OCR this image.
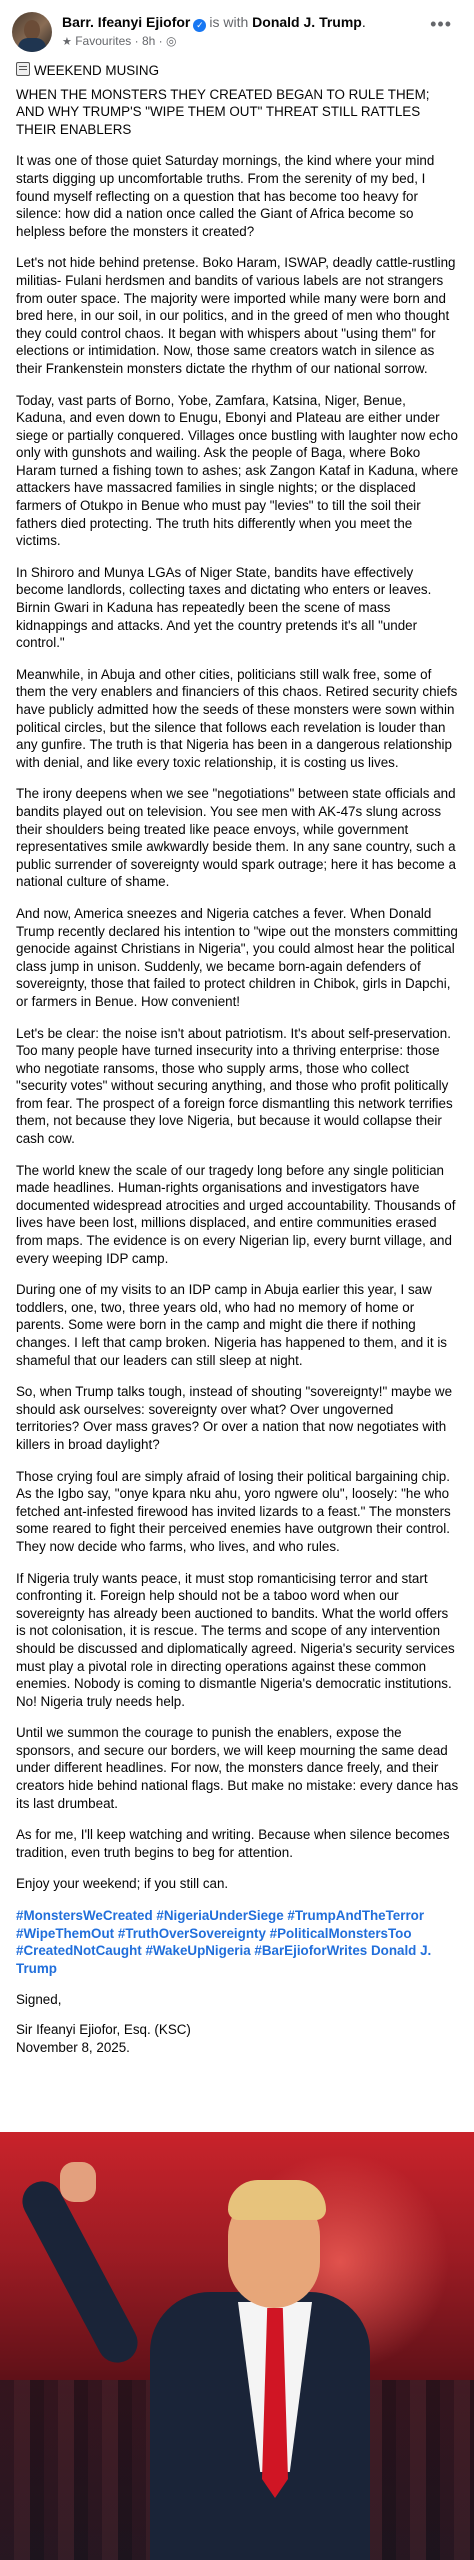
Barr. Ifeanyi Ejiofor ✓ is with Donald J. Trump.
★ Favourites · 8h · ◎
•••
WEEKEND MUSING

WHEN THE MONSTERS THEY CREATED BEGAN TO RULE THEM; AND WHY TRUMP'S "WIPE THEM OUT" THREAT STILL RATTLES THEIR ENABLERS

It was one of those quiet Saturday mornings, the kind where your mind starts digging up uncomfortable truths. From the serenity of my bed, I found myself reflecting on a question that has become too heavy for silence: how did a nation once called the Giant of Africa become so helpless before the monsters it created?

Let's not hide behind pretense. Boko Haram, ISWAP, deadly cattle-rustling militias- Fulani herdsmen and bandits of various labels are not strangers from outer space. The majority were imported while many were born and bred here, in our soil, in our politics, and in the greed of men who thought they could control chaos. It began with whispers about "using them" for elections or intimidation. Now, those same creators watch in silence as their Frankenstein monsters dictate the rhythm of our national sorrow.

Today, vast parts of Borno, Yobe, Zamfara, Katsina, Niger, Benue, Kaduna, and even down to Enugu, Ebonyi and Plateau are either under siege or partially conquered. Villages once bustling with laughter now echo only with gunshots and wailing. Ask the people of Baga, where Boko Haram turned a fishing town to ashes; ask Zangon Kataf in Kaduna, where attackers have massacred families in single nights; or the displaced farmers of Otukpo in Benue who must pay "levies" to till the soil their fathers died protecting. The truth hits differently when you meet the victims.

In Shiroro and Munya LGAs of Niger State, bandits have effectively become landlords, collecting taxes and dictating who enters or leaves. Birnin Gwari in Kaduna has repeatedly been the scene of mass kidnappings and attacks. And yet the country pretends it's all "under control."

Meanwhile, in Abuja and other cities, politicians still walk free, some of them the very enablers and financiers of this chaos. Retired security chiefs have publicly admitted how the seeds of these monsters were sown within political circles, but the silence that follows each revelation is louder than any gunfire. The truth is that Nigeria has been in a dangerous relationship with denial, and like every toxic relationship, it is costing us lives.

The irony deepens when we see "negotiations" between state officials and bandits played out on television. You see men with AK-47s slung across their shoulders being treated like peace envoys, while government representatives smile awkwardly beside them. In any sane country, such a public surrender of sovereignty would spark outrage; here it has become a national culture of shame.

And now, America sneezes and Nigeria catches a fever. When Donald Trump recently declared his intention to "wipe out the monsters committing genocide against Christians in Nigeria", you could almost hear the political class jump in unison. Suddenly, we became born-again defenders of sovereignty, those that failed to protect children in Chibok, girls in Dapchi, or farmers in Benue. How convenient!

Let's be clear: the noise isn't about patriotism. It's about self-preservation. Too many people have turned insecurity into a thriving enterprise: those who negotiate ransoms, those who supply arms, those who collect "security votes" without securing anything, and those who profit politically from fear. The prospect of a foreign force dismantling this network terrifies them, not because they love Nigeria, but because it would collapse their cash cow.

The world knew the scale of our tragedy long before any single politician made headlines. Human-rights organisations and investigators have documented widespread atrocities and urged accountability. Thousands of lives have been lost, millions displaced, and entire communities erased from maps. The evidence is on every Nigerian lip, every burnt village, and every weeping IDP camp.

During one of my visits to an IDP camp in Abuja earlier this year, I saw toddlers, one, two, three years old, who had no memory of home or parents. Some were born in the camp and might die there if nothing changes. I left that camp broken. Nigeria has happened to them, and it is shameful that our leaders can still sleep at night.

So, when Trump talks tough, instead of shouting "sovereignty!" maybe we should ask ourselves: sovereignty over what? Over ungoverned territories? Over mass graves? Or over a nation that now negotiates with killers in broad daylight?

Those crying foul are simply afraid of losing their political bargaining chip. As the Igbo say, "onye kpara nku ahu, yoro ngwere olu", loosely: "he who fetched ant-infested firewood has invited lizards to a feast." The monsters some reared to fight their perceived enemies have outgrown their control. They now decide who farms, who lives, and who rules.

If Nigeria truly wants peace, it must stop romanticising terror and start confronting it. Foreign help should not be a taboo word when our sovereignty has already been auctioned to bandits. What the world offers is not colonisation, it is rescue. The terms and scope of any intervention should be discussed and diplomatically agreed. Nigeria's security services must play a pivotal role in directing operations against these common enemies. Nobody is coming to dismantle Nigeria's democratic institutions. No! Nigeria truly needs help.

Until we summon the courage to punish the enablers, expose the sponsors, and secure our borders, we will keep mourning the same dead under different headlines. For now, the monsters dance freely, and their creators hide behind national flags. But make no mistake: every dance has its last drumbeat.

As for me, I'll keep watching and writing. Because when silence becomes tradition, even truth begins to beg for attention.

Enjoy your weekend; if you still can.

#MonstersWeCreated #NigeriaUnderSiege #TrumpAndTheTerror #WipeThemOut #TruthOverSovereignty #PoliticalMonstersToo #CreatedNotCaught #WakeUpNigeria #BarEjioforWrites Donald J. Trump

Signed,

Sir Ifeanyi Ejiofor, Esq. (KSC)
November 8, 2025.
